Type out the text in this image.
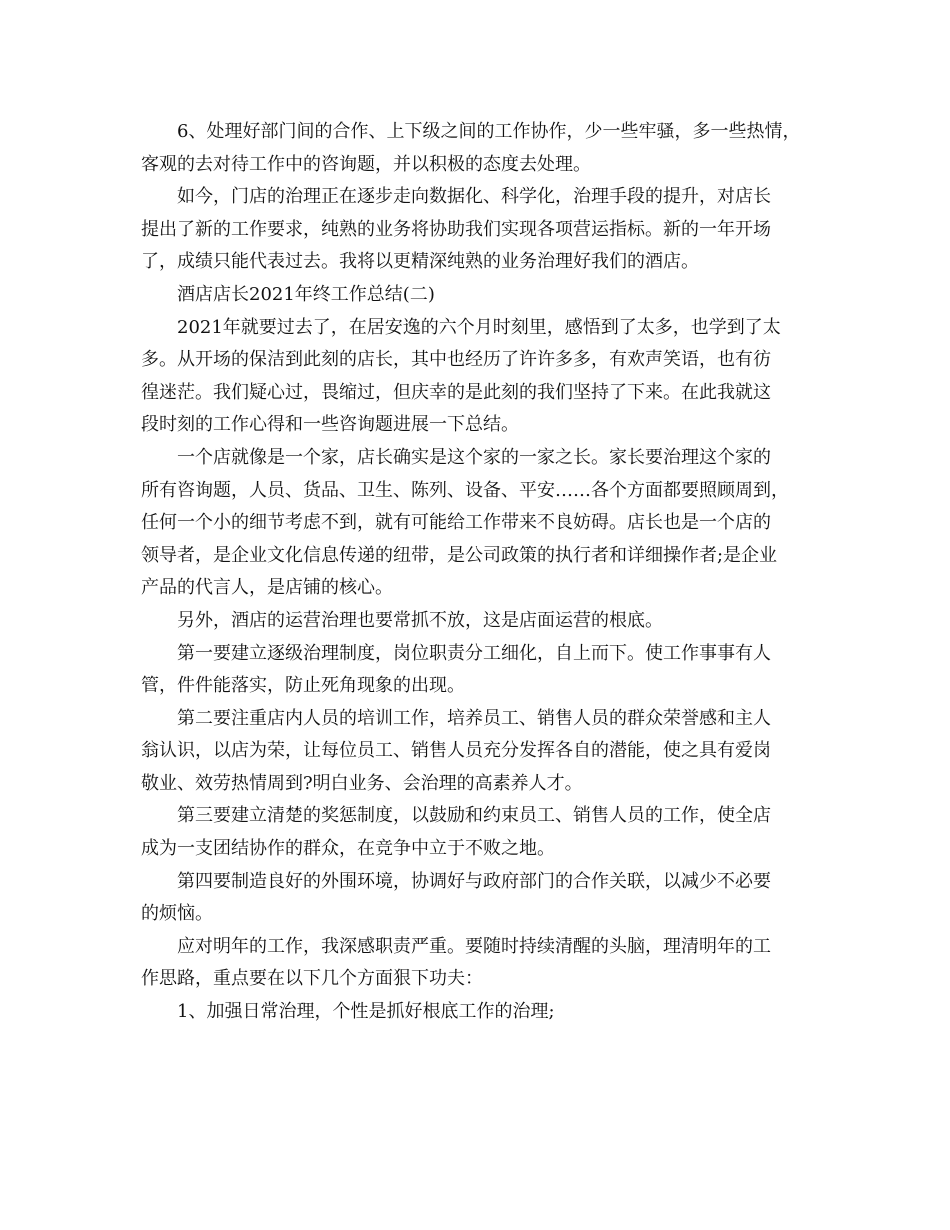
6、处理好部门间的合作、上下级之间的工作协作，少一些牢骚，多一些热情，
客观的去对待工作中的咨询题，并以积极的态度去处理。

如今，门店的治理正在逐步走向数据化、科学化，治理手段的提升，对店长
提出了新的工作要求，纯熟的业务将协助我们实现各项营运指标。新的一年开场
了，成绩只能代表过去。我将以更精深纯熟的业务治理好我们的酒店。

酒店店长2021年终工作总结(二)

2021年就要过去了，在居安逸的六个月时刻里，感悟到了太多，也学到了太
多。从开场的保洁到此刻的店长，其中也经历了许许多多，有欢声笑语，也有彷
徨迷茫。我们疑心过，畏缩过，但庆幸的是此刻的我们坚持了下来。在此我就这
段时刻的工作心得和一些咨询题进展一下总结。

一个店就像是一个家，店长确实是这个家的一家之长。家长要治理这个家的
所有咨询题，人员、货品、卫生、陈列、设备、平安……各个方面都要照顾周到，
任何一个小的细节考虑不到，就有可能给工作带来不良妨碍。店长也是一个店的
领导者，是企业文化信息传递的纽带，是公司政策的执行者和详细操作者;是企业
产品的代言人，是店铺的核心。

另外，酒店的运营治理也要常抓不放，这是店面运营的根底。

第一要建立逐级治理制度，岗位职责分工细化，自上而下。使工作事事有人
管，件件能落实，防止死角现象的出现。

第二要注重店内人员的培训工作，培养员工、销售人员的群众荣誉感和主人
翁认识，以店为荣，让每位员工、销售人员充分发挥各自的潜能，使之具有爱岗
敬业、效劳热情周到?明白业务、会治理的高素养人才。

第三要建立清楚的奖惩制度，以鼓励和约束员工、销售人员的工作，使全店
成为一支团结协作的群众，在竞争中立于不败之地。

第四要制造良好的外围环境，协调好与政府部门的合作关联，以减少不必要
的烦恼。

应对明年的工作，我深感职责严重。要随时持续清醒的头脑，理清明年的工
作思路，重点要在以下几个方面狠下功夫：

1、加强日常治理，个性是抓好根底工作的治理;
